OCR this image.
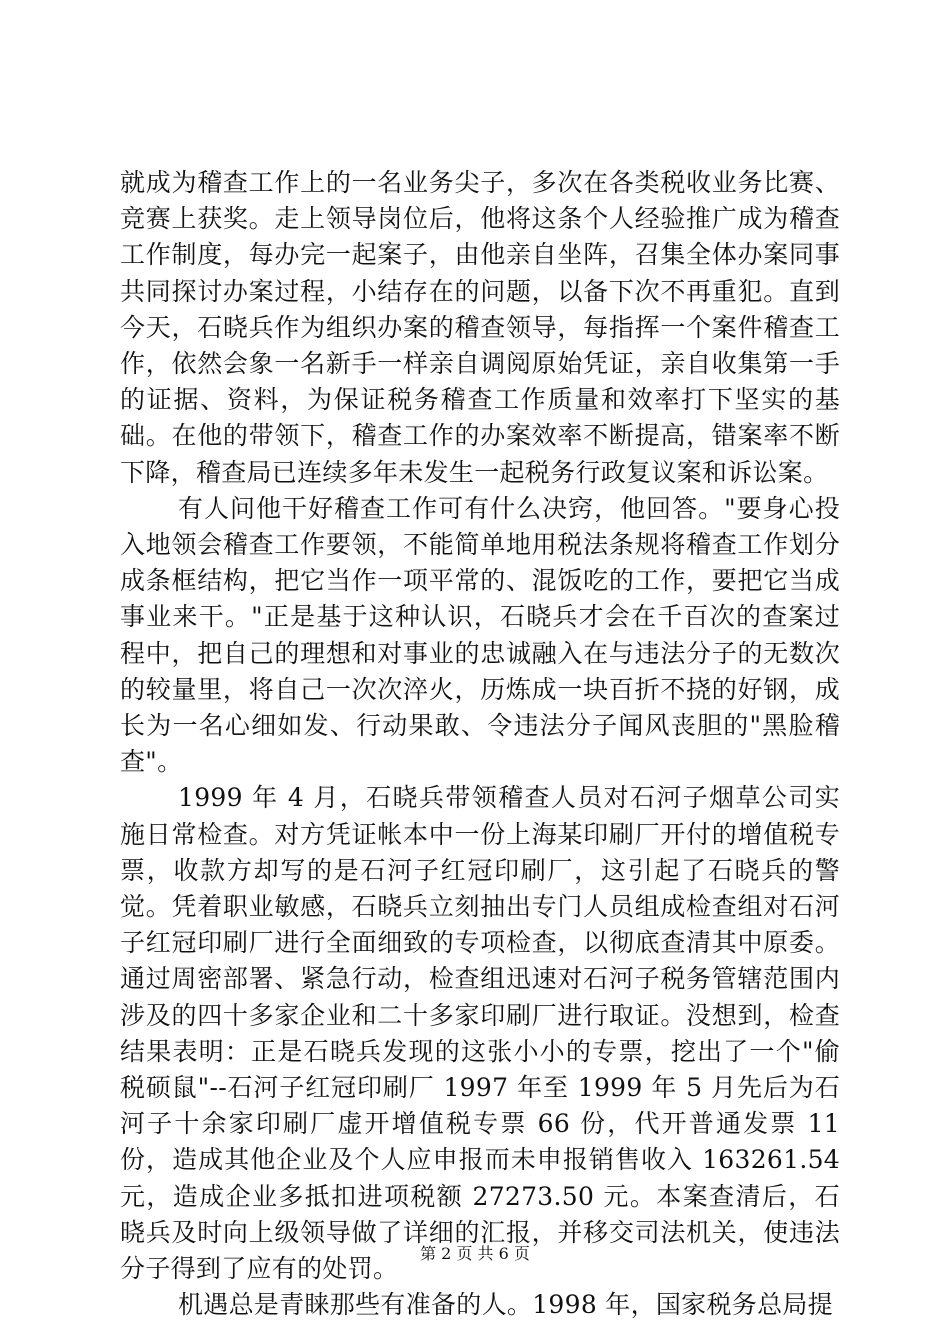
就成为稽查工作上的一名业务尖子，多次在各类税收业务比赛、竞赛上获奖。走上领导岗位后，他将这条个人经验推广成为稽查工作制度，每办完一起案子，由他亲自坐阵，召集全体办案同事共同探讨办案过程，小结存在的问题，以备下次不再重犯。直到今天，石晓兵作为组织办案的稽查领导，每指挥一个案件稽查工作，依然会象一名新手一样亲自调阅原始凭证，亲自收集第一手的证据、资料，为保证税务稽查工作质量和效率打下坚实的基础。在他的带领下，稽查工作的办案效率不断提高，错案率不断下降，稽查局已连续多年未发生一起税务行政复议案和诉讼案。

有人问他干好稽查工作可有什么决窍，他回答。"要身心投入地领会稽查工作要领，不能简单地用税法条规将稽查工作划分成条框结构，把它当作一项平常的、混饭吃的工作，要把它当成事业来干。"正是基于这种认识，石晓兵才会在千百次的查案过程中，把自己的理想和对事业的忠诚融入在与违法分子的无数次的较量里，将自己一次次淬火，历炼成一块百折不挠的好钢，成长为一名心细如发、行动果敢、令违法分子闻风丧胆的"黑脸稽查"。

1999 年 4 月，石晓兵带领稽查人员对石河子烟草公司实施日常检查。对方凭证帐本中一份上海某印刷厂开付的增值税专票，收款方却写的是石河子红冠印刷厂，这引起了石晓兵的警觉。凭着职业敏感，石晓兵立刻抽出专门人员组成检查组对石河子红冠印刷厂进行全面细致的专项检查，以彻底查清其中原委。通过周密部署、紧急行动，检查组迅速对石河子税务管辖范围内涉及的四十多家企业和二十多家印刷厂进行取证。没想到，检查结果表明：正是石晓兵发现的这张小小的专票，挖出了一个"偷税硕鼠"--石河子红冠印刷厂 1997 年至 1999 年 5 月先后为石河子十余家印刷厂虚开增值税专票 66 份，代开普通发票 11 份，造成其他企业及个人应申报而未申报销售收入 163261.54 元，造成企业多抵扣进项税额 27273.50 元。本案查清后，石晓兵及时向上级领导做了详细的汇报，并移交司法机关，使违法分子得到了应有的处罚。

机遇总是青睐那些有准备的人。1998 年，国家税务总局提

第 2 页 共 6 页
